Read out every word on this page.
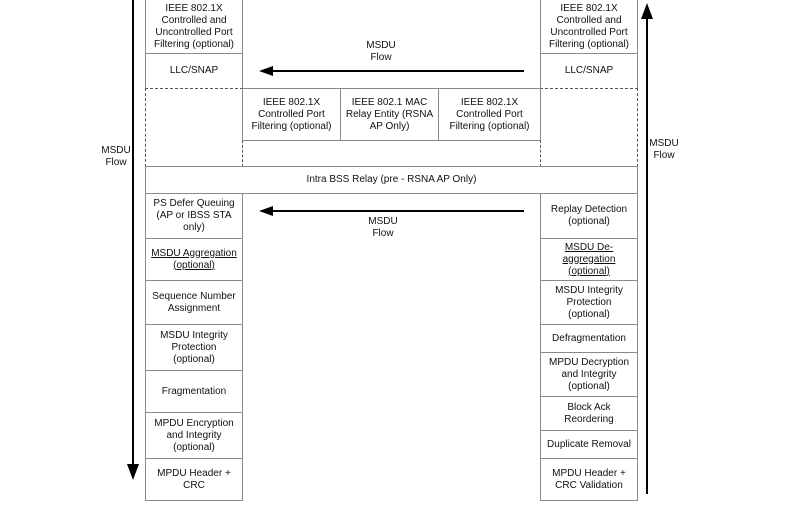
MSDU
Flow
MSDU
Flow
IEEE 802.1X
Controlled and
Uncontrolled Port
Filtering (optional)
LLC/SNAP
IEEE 802.1X
Controlled and
Uncontrolled Port
Filtering (optional)
LLC/SNAP
IEEE 802.1X
Controlled Port
Filtering (optional)
IEEE 802.1 MAC
Relay Entity (RSNA
AP Only)
IEEE 802.1X
Controlled Port
Filtering (optional)
Intra BSS Relay (pre - RSNA AP Only)
PS Defer Queuing
(AP or IBSS STA
only)
MSDU Aggregation
(optional)
Sequence Number
Assignment
MSDU Integrity
Protection
(optional)
Fragmentation
MPDU Encryption
and Integrity
(optional)
MPDU Header +
CRC
Replay Detection
(optional)
MSDU De-
aggregation
(optional)
MSDU Integrity
Protection
(optional)
Defragmentation
MPDU Decryption
and Integrity
(optional)
Block Ack
Reordering
Duplicate Removal
MPDU Header +
CRC Validation
MSDU
Flow
MSDU
Flow
